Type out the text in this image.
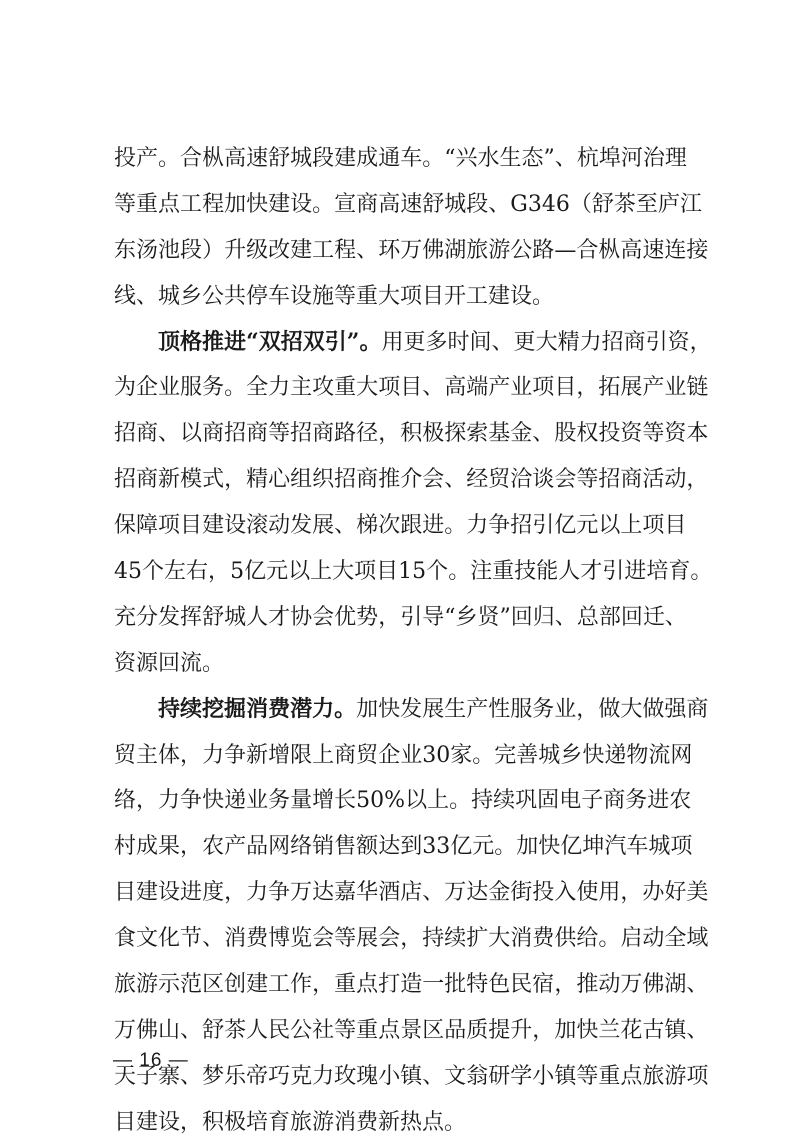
投 产 。 合 枞 高 速 舒 城 段 建 成 通 车 。 “ 兴 水 生 态 ” 、 杭 埠 河 治 理
等 重 点 工 程 加 快 建 设 。 宣 商 高 速 舒 城 段 、 G346 （ 舒 茶 至 庐 江
东 汤 池 段 ） 升 级 改 建 工 程 、 环 万 佛 湖 旅 游 公 路 — 合 枞 高 速 连 接
线、城乡公共停车设施等重大项目开工建设。
顶 格 推 进 “ 双 招 双 引 ” 。 用 更 多 时 间 、 更 大 精 力 招 商 引 资 ，
为 企 业 服 务 。 全 力 主 攻 重 大 项 目 、 高 端 产 业 项 目 ， 拓 展 产 业 链
招 商 、 以 商 招 商 等 招 商 路 径 ， 积 极 探 索 基 金 、 股 权 投 资 等 资 本
招 商 新 模 式 ， 精 心 组 织 招 商 推 介 会 、 经 贸 洽 谈 会 等 招 商 活 动 ，
保 障 项 目 建 设 滚 动 发 展 、 梯 次 跟 进 。 力 争 招 引 亿 元 以 上 项 目
45 个 左 右 ， 5 亿 元 以 上 大 项 目 15 个 。 注 重 技 能 人 才 引 进 培 育 。
充 分 发 挥 舒 城 人 才 协 会 优 势 ， 引 导 “ 乡 贤 ” 回 归 、 总 部 回 迁 、
资源回流。
持 续 挖 掘 消 费 潜 力 。 加 快 发 展 生 产 性 服 务 业 ， 做 大 做 强 商
贸 主 体 ， 力 争 新 增 限 上 商 贸 企 业 30 家 。 完 善 城 乡 快 递 物 流 网
络 ， 力 争 快 递 业 务 量 增 长 50% 以 上 。 持 续 巩 固 电 子 商 务 进 农
村 成 果 ， 农 产 品 网 络 销 售 额 达 到 33 亿 元 。 加 快 亿 坤 汽 车 城 项
目 建 设 进 度 ， 力 争 万 达 嘉 华 酒 店 、 万 达 金 街 投 入 使 用 ， 办 好 美
食 文 化 节 、 消 费 博 览 会 等 展 会 ， 持 续 扩 大 消 费 供 给 。 启 动 全 域
旅 游 示 范 区 创 建 工 作 ， 重 点 打 造 一 批 特 色 民 宿 ， 推 动 万 佛 湖 、
万 佛 山 、 舒 茶 人 民 公 社 等 重 点 景 区 品 质 提 升 ， 加 快 兰 花 古 镇 、
天 子 寨 、 梦 乐 帝 巧 克 力 玫 瑰 小 镇 、 文 翁 研 学 小 镇 等 重 点 旅 游 项
目建设，积极培育旅游消费新热点。
— 16 —
